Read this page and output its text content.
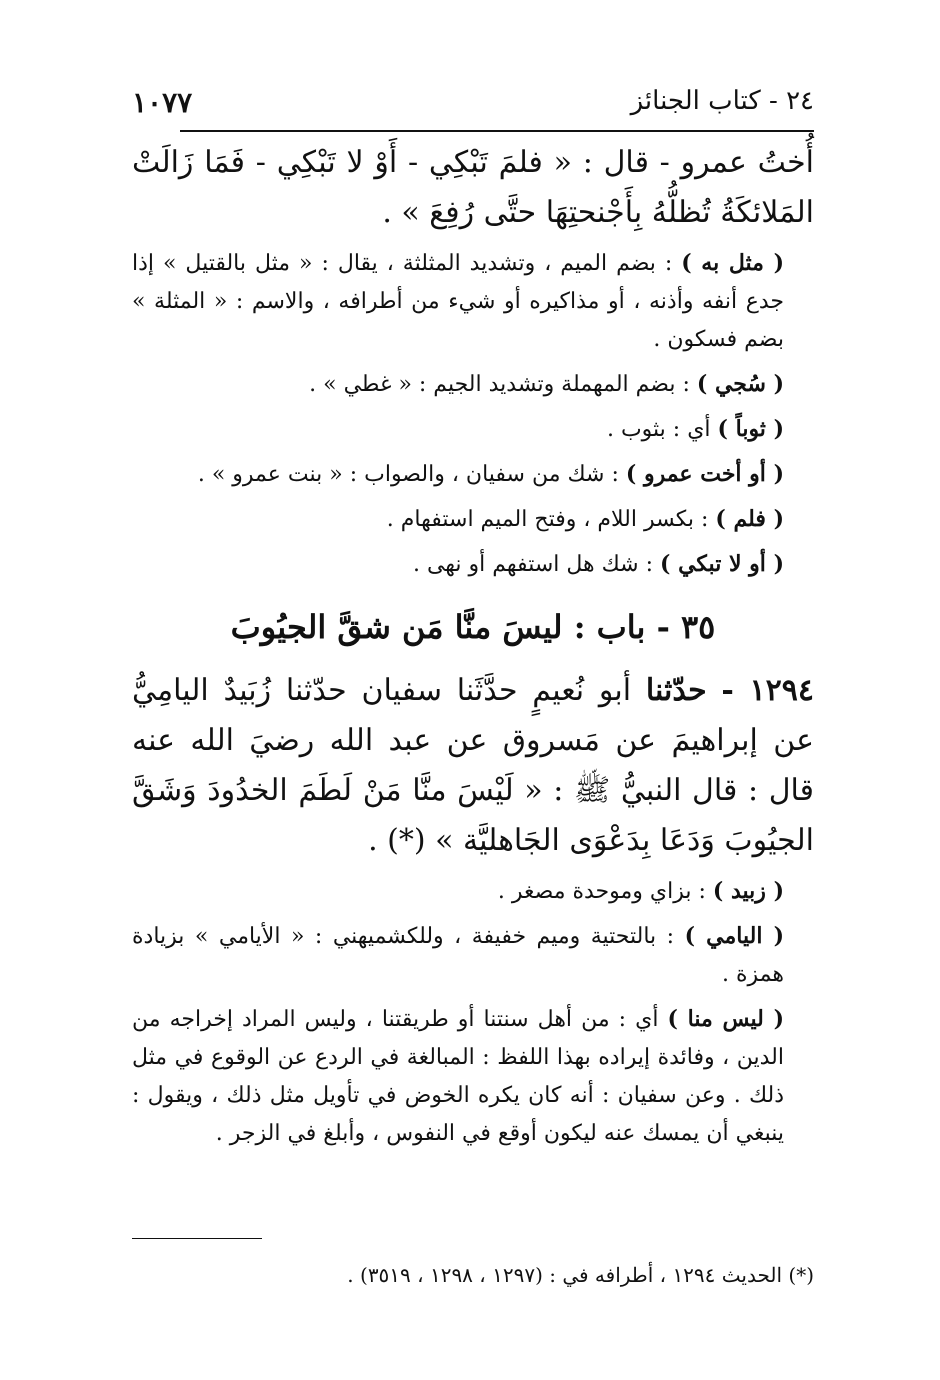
٢٤ - كتاب الجنائز
١٠٧٧

أُختُ عمرو - قال : « فلمَ تَبْكِي - أَوْ لا تَبْكِي - فَمَا زَالَتْ المَلائكَةُ تُظلُّهُ بِأَجْنحتِهَا حتَّى رُفِعَ » .

( مثل به ) : بضم الميم ، وتشديد المثلثة ، يقال : « مثل بالقتيل » إذا جدع أنفه وأذنه ، أو مذاكيره أو شيء من أطرافه ، والاسم : « المثلة » بضم فسكون .

( سُجي ) : بضم المهملة وتشديد الجيم : « غطي » .

( ثوباً ) أي : بثوب .

( أو أخت عمرو ) : شك من سفيان ، والصواب : « بنت عمرو » .

( فلم ) : بكسر اللام ، وفتح الميم استفهام .

( أو لا تبكي ) : شك هل استفهم أو نهى .

٣٥ - باب : ليسَ منَّا مَن شقَّ الجيُوبَ

١٢٩٤ - حدّثنا أبو نُعيمٍ حدَّثَنا سفيان حدّثنا زُبَيدٌ اليامِيُّ عن إبراهيمَ عن مَسروق عن عبد الله رضيَ الله عنه قال : قال النبيُّ ﷺ : « لَيْسَ منَّا مَنْ لَطَمَ الخدُودَ وَشَقَّ الجيُوبَ وَدَعَا بِدَعْوَى الجَاهليَّة » (*) .

( زبيد ) : بزاي وموحدة مصغر .

( اليامي ) : بالتحتية وميم خفيفة ، وللكشميهني : « الأيامي » بزيادة همزة .

( ليس منا ) أي : من أهل سنتنا أو طريقتنا ، وليس المراد إخراجه من الدين ، وفائدة إيراده بهذا اللفظ : المبالغة في الردع عن الوقوع في مثل ذلك . وعن سفيان : أنه كان يكره الخوض في تأويل مثل ذلك ، ويقول : ينبغي أن يمسك عنه ليكون أوقع في النفوس ، وأبلغ في الزجر .

(*) الحديث ١٢٩٤ ، أطرافه في : (١٢٩٧ ، ١٢٩٨ ، ٣٥١٩) .
